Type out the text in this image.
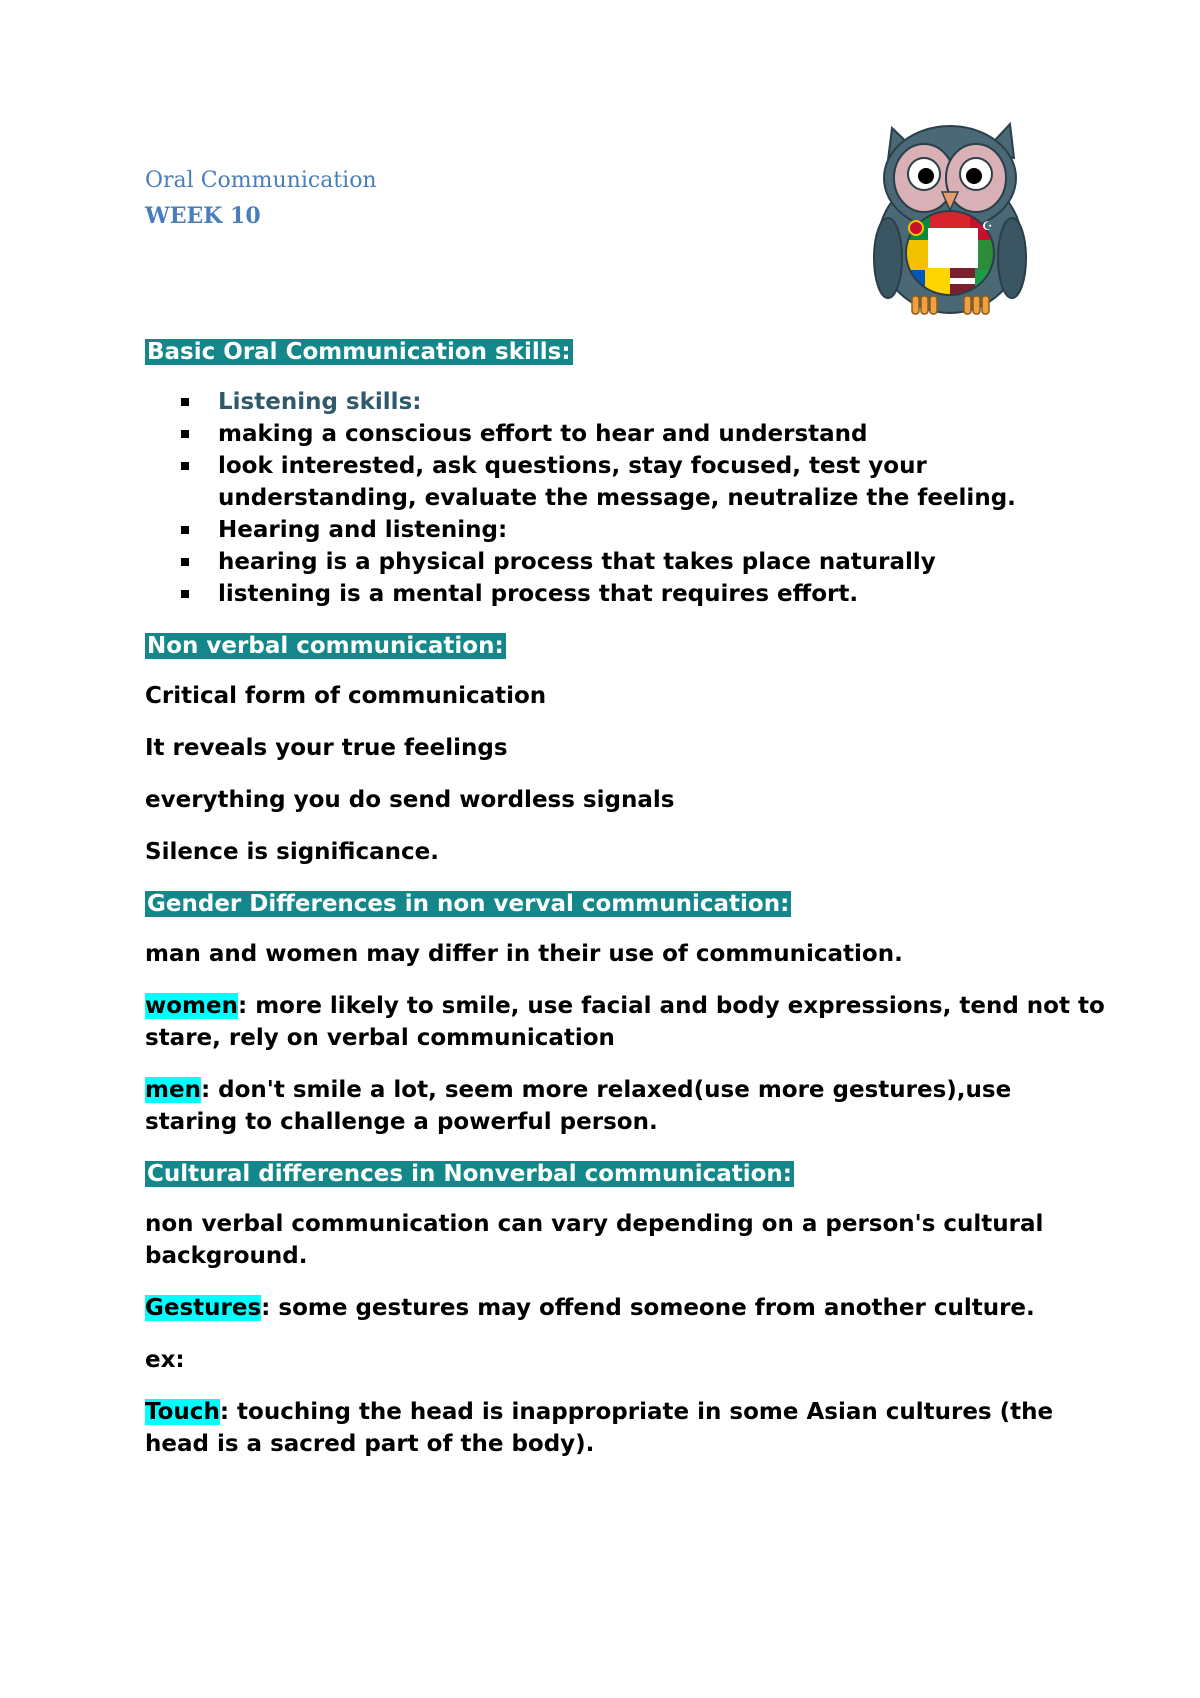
Oral Communication
WEEK 10	☪
Basic Oral Communication skills:
Listening skills:
making a conscious effort to hear and understand
look interested, ask questions, stay focused, test your understanding, evaluate the message, neutralize the feeling.
Hearing and listening:
hearing is a physical process that takes place naturally
listening is a mental process that requires effort.
Non verbal communication:

Critical form of communication

It reveals your true feelings

everything you do send wordless signals

Silence is significance.

Gender Differences in non verval communication:

man and women may differ in their use of communication.

women: more likely to smile, use facial and body expressions, tend not to stare, rely on verbal communication

men: don't smile a lot, seem more relaxed(use more gestures),use staring to challenge a powerful person.

Cultural differences in Nonverbal communication:

non verbal communication can vary depending on a person's cultural background.

Gestures: some gestures may offend someone from another culture.

ex:

Touch: touching the head is inappropriate in some Asian cultures (the head is a sacred part of the body).
